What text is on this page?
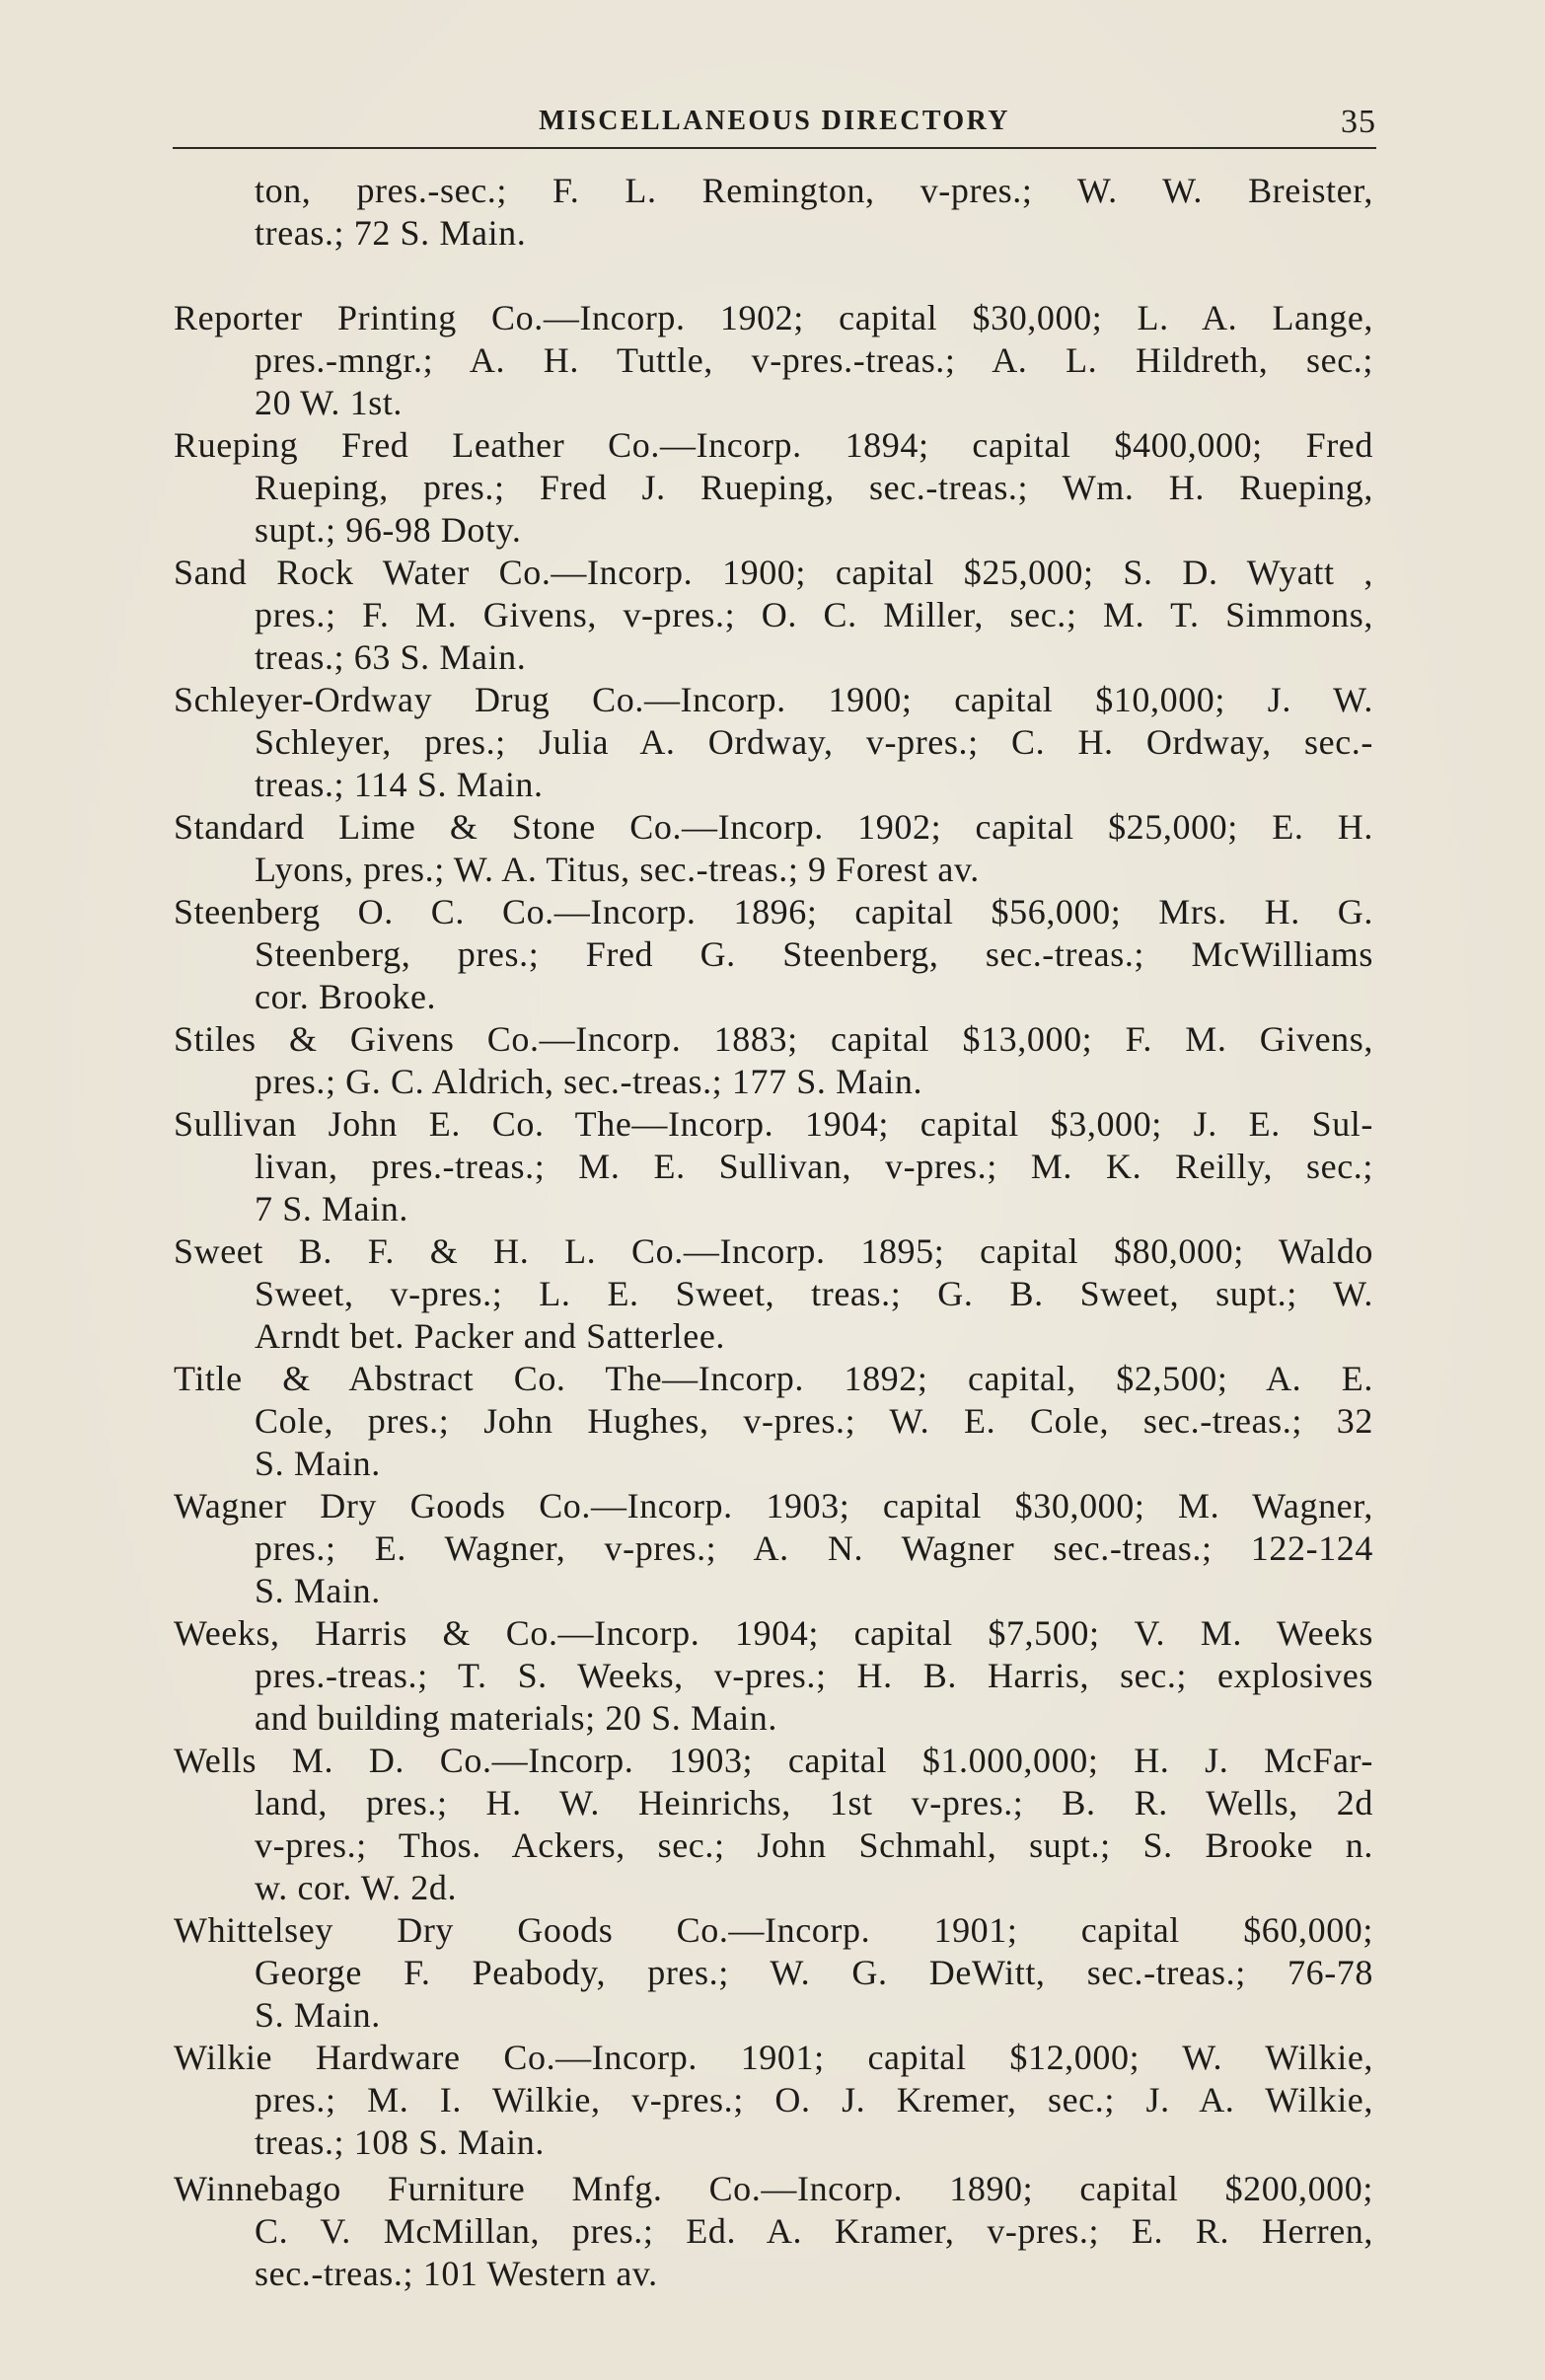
MISCELLANEOUS DIRECTORY	35
ton, pres.-sec.; F. L. Remington, v-pres.; W. W. Breister,
treas.; 72 S. Main.
Reporter Printing Co.—Incorp. 1902; capital $30,000; L. A. Lange,
pres.-mngr.; A. H. Tuttle, v-pres.-treas.; A. L. Hildreth, sec.;
20 W. 1st.
Rueping Fred Leather Co.—Incorp. 1894; capital $400,000; Fred
Rueping, pres.; Fred J. Rueping, sec.-treas.; Wm. H. Rueping,
supt.; 96-98 Doty.
Sand Rock Water Co.—Incorp. 1900; capital $25,000; S. D. Wyatt ,
pres.; F. M. Givens, v-pres.; O. C. Miller, sec.; M. T. Simmons,
treas.; 63 S. Main.
Schleyer-Ordway Drug Co.—Incorp. 1900; capital $10,000; J. W.
Schleyer, pres.; Julia A. Ordway, v-pres.; C. H. Ordway, sec.-
treas.; 114 S. Main.
Standard Lime & Stone Co.—Incorp. 1902; capital $25,000; E. H.
Lyons, pres.; W. A. Titus, sec.-treas.; 9 Forest av.
Steenberg O. C. Co.—Incorp. 1896; capital $56,000; Mrs. H. G.
Steenberg, pres.; Fred G. Steenberg, sec.-treas.; McWilliams
cor. Brooke.
Stiles & Givens Co.—Incorp. 1883; capital $13,000; F. M. Givens,
pres.; G. C. Aldrich, sec.-treas.; 177 S. Main.
Sullivan John E. Co. The—Incorp. 1904; capital $3,000; J. E. Sul-
livan, pres.-treas.; M. E. Sullivan, v-pres.; M. K. Reilly, sec.;
7 S. Main.
Sweet B. F. & H. L. Co.—Incorp. 1895; capital $80,000; Waldo
Sweet, v-pres.; L. E. Sweet, treas.; G. B. Sweet, supt.; W.
Arndt bet. Packer and Satterlee.
Title & Abstract Co. The—Incorp. 1892; capital, $2,500; A. E.
Cole, pres.; John Hughes, v-pres.; W. E. Cole, sec.-treas.; 32
S. Main.
Wagner Dry Goods Co.—Incorp. 1903; capital $30,000; M. Wagner,
pres.; E. Wagner, v-pres.; A. N. Wagner sec.-treas.; 122-124
S. Main.
Weeks, Harris & Co.—Incorp. 1904; capital $7,500; V. M. Weeks
pres.-treas.; T. S. Weeks, v-pres.; H. B. Harris, sec.; explosives
and building materials; 20 S. Main.
Wells M. D. Co.—Incorp. 1903; capital $1.000,000; H. J. McFar-
land, pres.; H. W. Heinrichs, 1st v-pres.; B. R. Wells, 2d
v-pres.; Thos. Ackers, sec.; John Schmahl, supt.; S. Brooke n.
w. cor. W. 2d.
Whittelsey Dry Goods Co.—Incorp. 1901; capital $60,000;
George F. Peabody, pres.; W. G. DeWitt, sec.-treas.; 76-78
S. Main.
Wilkie Hardware Co.—Incorp. 1901; capital $12,000; W. Wilkie,
pres.; M. I. Wilkie, v-pres.; O. J. Kremer, sec.; J. A. Wilkie,
treas.; 108 S. Main.
Winnebago Furniture Mnfg. Co.—Incorp. 1890; capital $200,000;
C. V. McMillan, pres.; Ed. A. Kramer, v-pres.; E. R. Herren,
sec.-treas.; 101 Western av.
